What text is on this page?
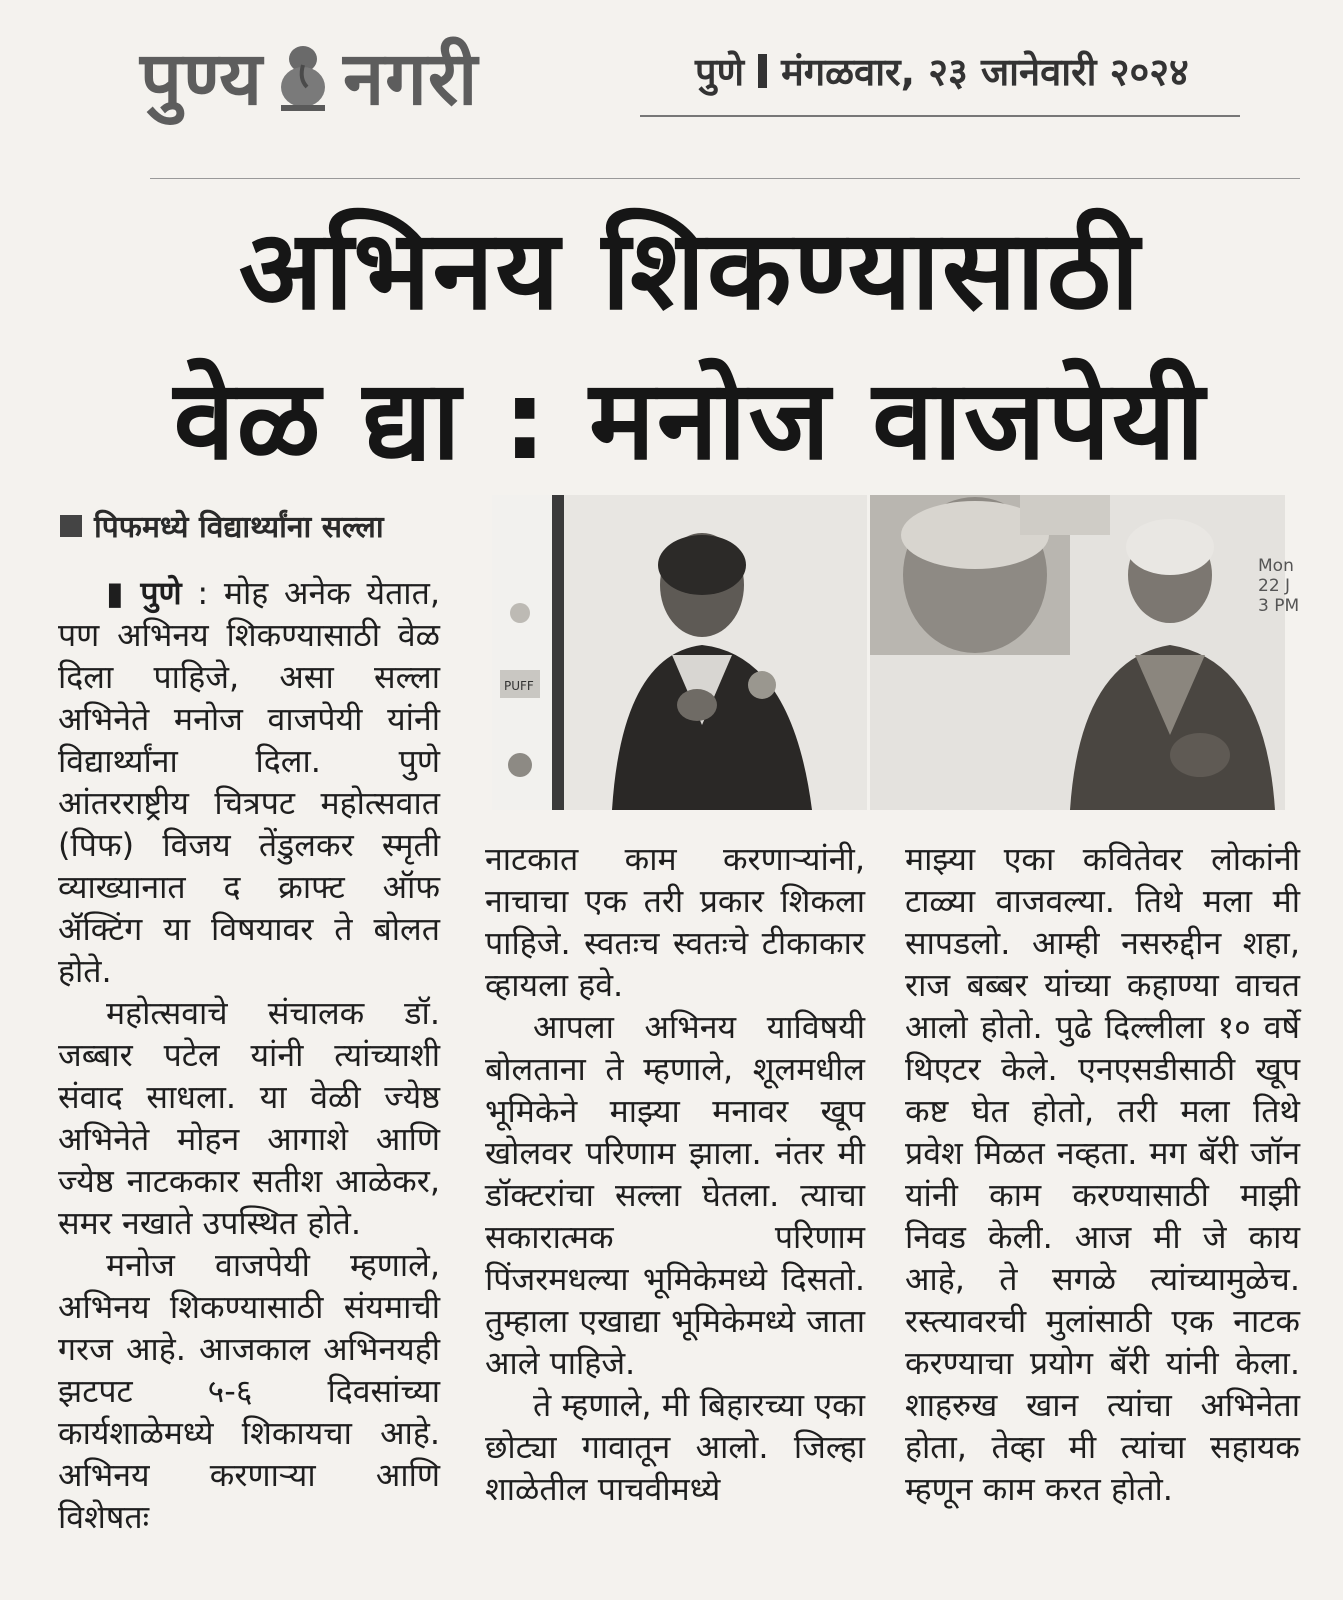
पुण्य नगरी	पुणे मंगळवार, २३ जानेवारी २०२४
अभिनय शिकण्यासाठी
वेळ द्या : मनोज वाजपेयी
पिफमध्ये विद्यार्थ्यांना सल्ला
PUFF
Mon
22 J
3 PM

▮ पुणे : मोह अनेक येतात, पण अभिनय शिकण्यासाठी वेळ दिला पाहिजे, असा सल्ला अभिनेते मनोज वाजपेयी यांनी विद्यार्थ्यांना दिला. पुणे आंतरराष्ट्रीय चित्रपट महोत्सवात (पिफ) विजय तेंडुलकर स्मृती व्याख्यानात द क्राफ्ट ऑफ ॲक्टिंग या विषयावर ते बोलत होते.

महोत्सवाचे संचालक डॉ. जब्बार पटेल यांनी त्यांच्याशी संवाद साधला. या वेळी ज्येष्ठ अभिनेते मोहन आगाशे आणि ज्येष्ठ नाटककार सतीश आळेकर, समर नखाते उपस्थित होते.

मनोज वाजपेयी म्हणाले, अभिनय शिकण्यासाठी संयमाची गरज आहे. आजकाल अभिनयही झटपट ५-६ दिवसांच्या कार्यशाळेमध्ये शिकायचा आहे. अभिनय करणाऱ्या आणि विशेषतः

नाटकात काम करणाऱ्यांनी, नाचाचा एक तरी प्रकार शिकला पाहिजे. स्वतःच स्वतःचे टीकाकार व्हायला हवे.

आपला अभिनय याविषयी बोलताना ते म्हणाले, शूलमधील भूमिकेने माझ्या मनावर खूप खोलवर परिणाम झाला. नंतर मी डॉक्टरांचा सल्ला घेतला. त्याचा सकारात्मक परिणाम पिंजरमधल्या भूमिकेमध्ये दिसतो. तुम्हाला एखाद्या भूमिकेमध्ये जाता आले पाहिजे.

ते म्हणाले, मी बिहारच्या एका छोट्या गावातून आलो. जिल्हा शाळेतील पाचवीमध्ये

माझ्या एका कवितेवर लोकांनी टाळ्या वाजवल्या. तिथे मला मी सापडलो. आम्ही नसरुद्दीन शहा, राज बब्बर यांच्या कहाण्या वाचत आलो होतो. पुढे दिल्लीला १० वर्षे थिएटर केले. एनएसडीसाठी खूप कष्ट घेत होतो, तरी मला तिथे प्रवेश मिळत नव्हता. मग बॅरी जॉन यांनी काम करण्यासाठी माझी निवड केली. आज मी जे काय आहे, ते सगळे त्यांच्यामुळेच. रस्त्यावरची मुलांसाठी एक नाटक करण्याचा प्रयोग बॅरी यांनी केला. शाहरुख खान त्यांचा अभिनेता होता, तेव्हा मी त्यांचा सहायक म्हणून काम करत होतो.
